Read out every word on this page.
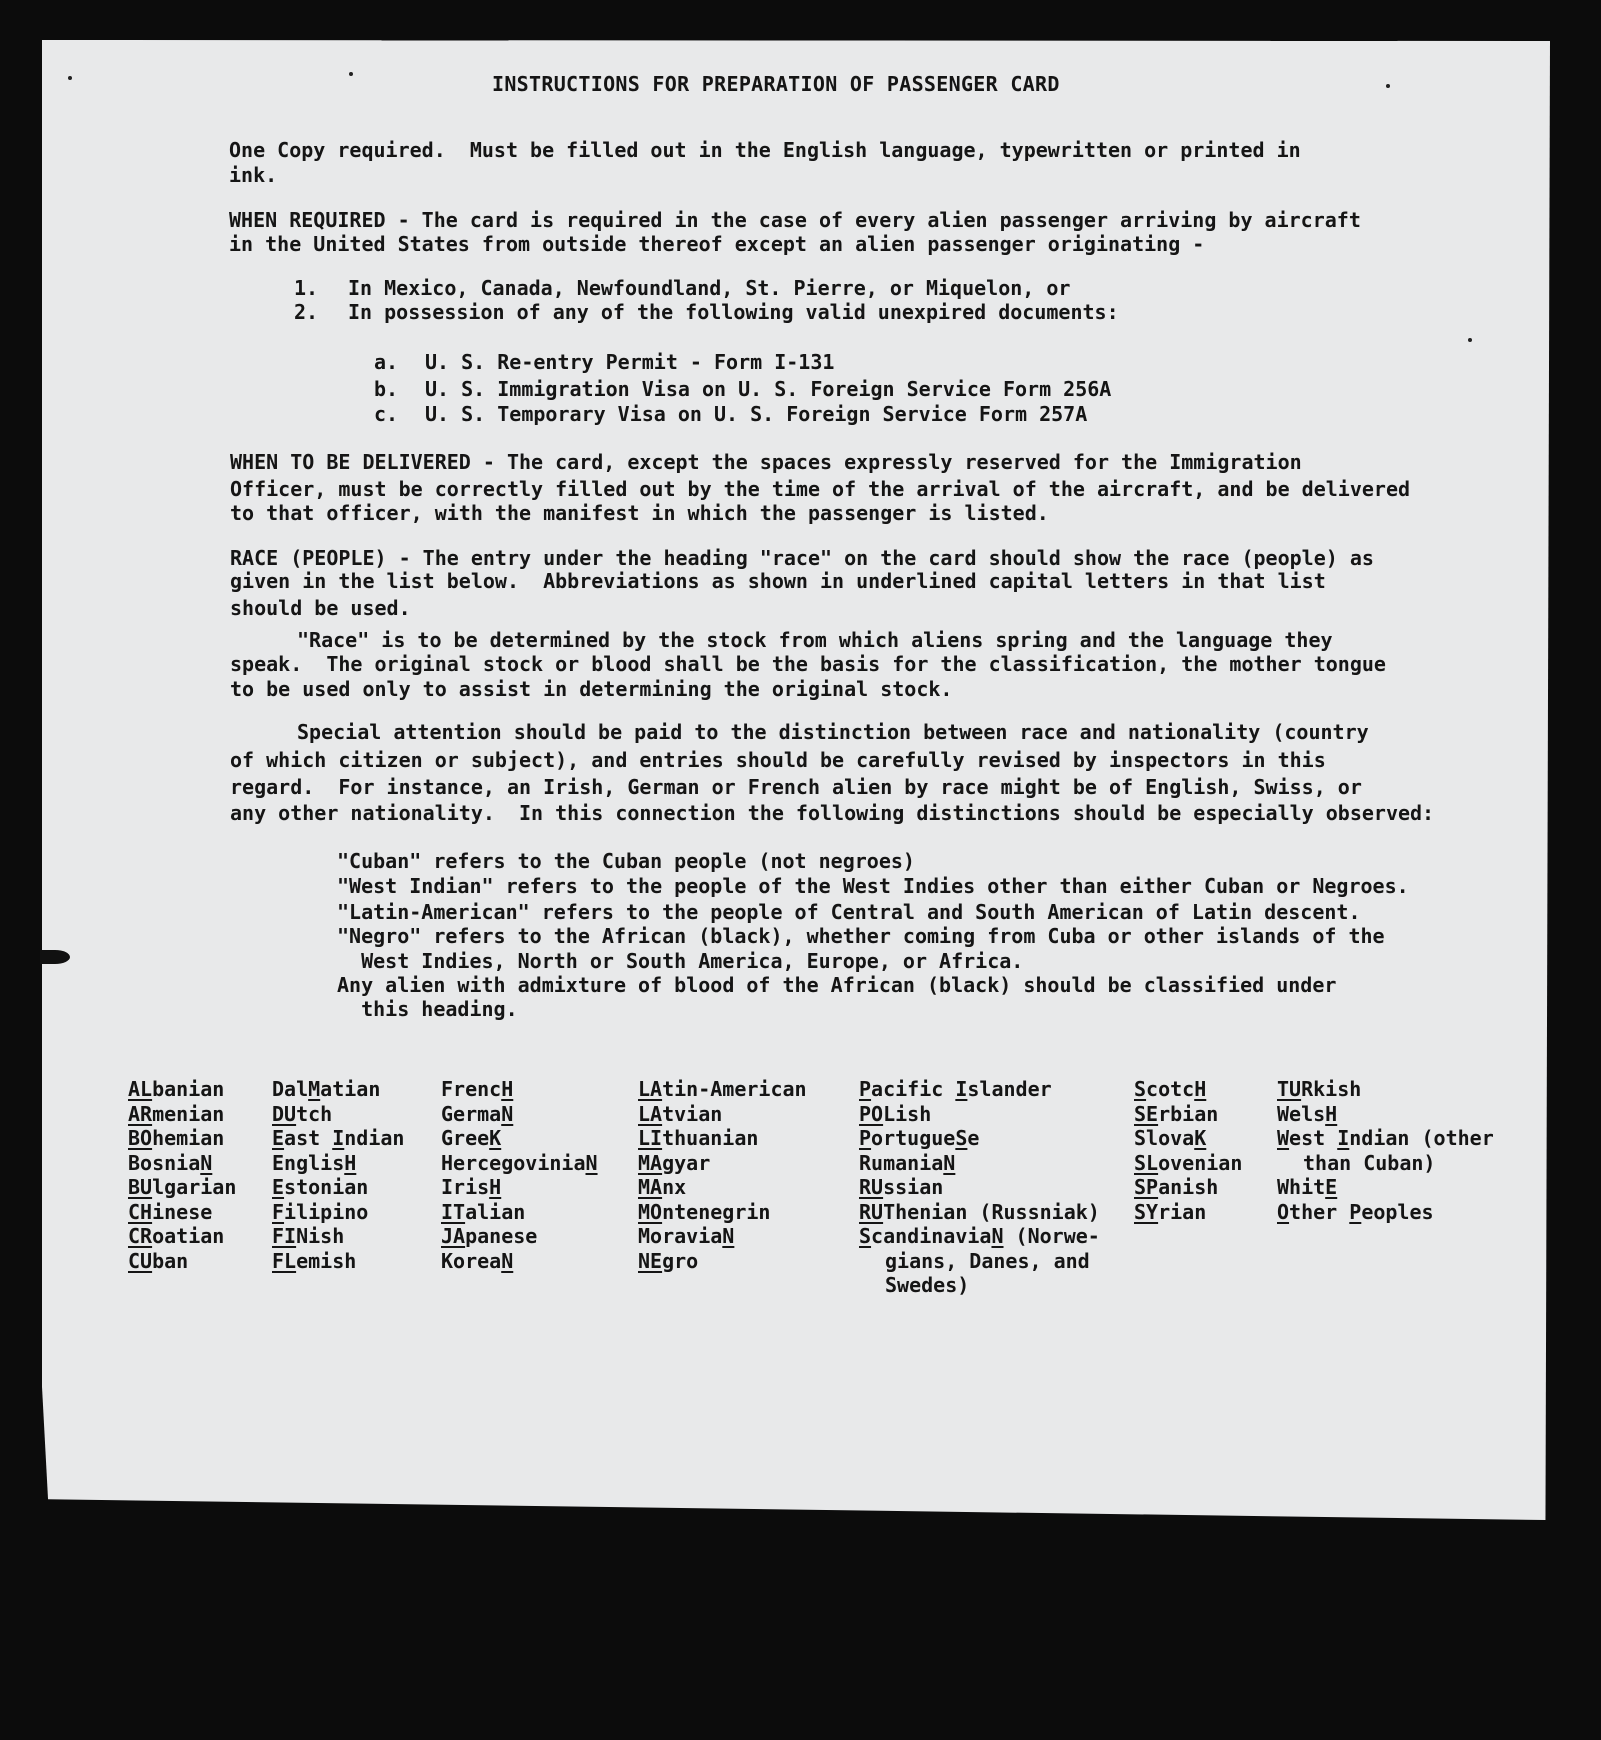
INSTRUCTIONS FOR PREPARATION OF PASSENGER CARD
One Copy required.  Must be filled out in the English language, typewritten or printed in
ink.
WHEN REQUIRED - The card is required in the case of every alien passenger arriving by aircraft
in the United States from outside thereof except an alien passenger originating -
1. In Mexico, Canada, Newfoundland, St. Pierre, or Miquelon, or
2. In possession of any of the following valid unexpired documents:
a. U. S. Re-entry Permit - Form I-131
b. U. S. Immigration Visa on U. S. Foreign Service Form 256A
c. U. S. Temporary Visa on U. S. Foreign Service Form 257A
WHEN TO BE DELIVERED - The card, except the spaces expressly reserved for the Immigration
Officer, must be correctly filled out by the time of the arrival of the aircraft, and be delivered
to that officer, with the manifest in which the passenger is listed.
RACE (PEOPLE) - The entry under the heading "race" on the card should show the race (people) as
given in the list below.  Abbreviations as shown in underlined capital letters in that list
should be used.
"Race" is to be determined by the stock from which aliens spring and the language they
speak.  The original stock or blood shall be the basis for the classification, the mother tongue
to be used only to assist in determining the original stock.
Special attention should be paid to the distinction between race and nationality (country
of which citizen or subject), and entries should be carefully revised by inspectors in this
regard.  For instance, an Irish, German or French alien by race might be of English, Swiss, or
any other nationality.  In this connection the following distinctions should be especially observed:
"Cuban" refers to the Cuban people (not negroes)
"West Indian" refers to the people of the West Indies other than either Cuban or Negroes.
"Latin-American" refers to the people of Central and South American of Latin descent.
"Negro" refers to the African (black), whether coming from Cuba or other islands of the
West Indies, North or South America, Europe, or Africa.
Any alien with admixture of blood of the African (black) should be classified under
this heading.
ALbanian
ARmenian
BOhemian
BosniaN
BUlgarian
CHinese
CRoatian
CUban
DalMatian
DUtch
East Indian
EnglisH
Estonian
Filipino
FINish
FLemish
FrencH
GermaN
GreeK
HercegoviniaN
IrisH
ITalian
JApanese
KoreaN
LAtin-American
LAtvian
LIthuanian
MAgyar
MAnx
MOntenegrin
MoraviaN
NEgro
Pacific Islander
POLish
PortugueSe
RumaniaN
RUssian
RUThenian (Russniak)
ScandinaviaN (Norwe-
gians, Danes, and
Swedes)
ScotcH
SErbian
SlovaK
SLovenian
SPanish
SYrian
TURkish
WelsH
West Indian (other
than Cuban)
WhitE
Other Peoples
